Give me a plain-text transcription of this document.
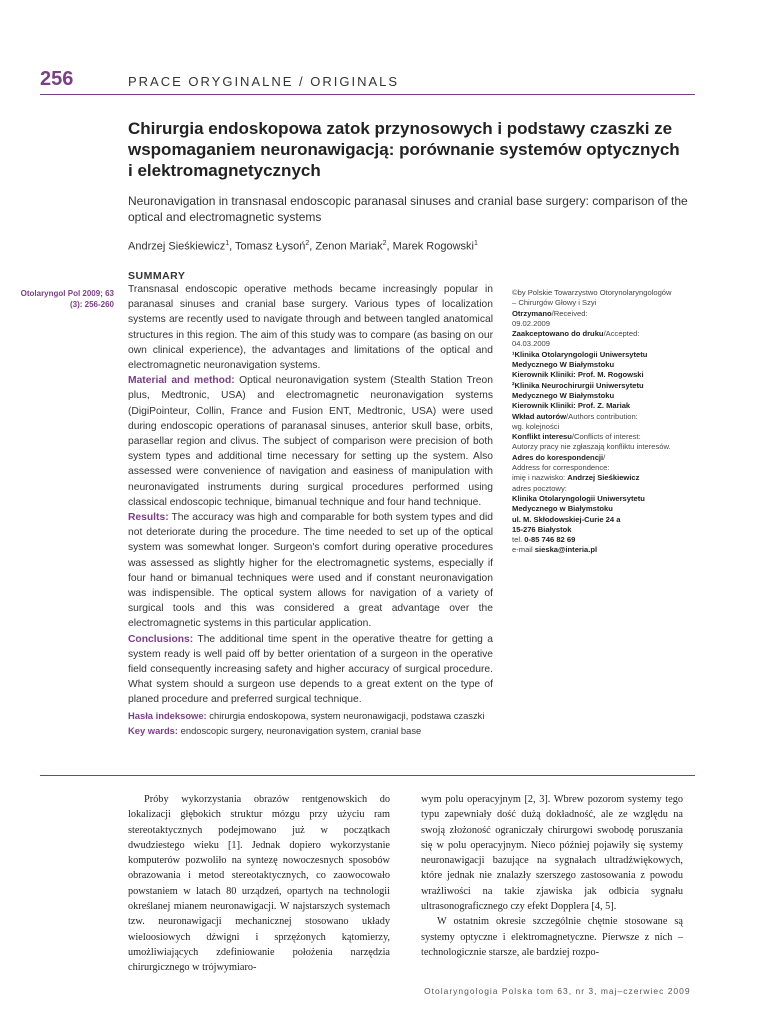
256	PRACE ORYGINALNE / ORIGINALS
Chirurgia endoskopowa zatok przynosowych i podstawy czaszki ze wspomaganiem neuronawigacją: porównanie systemów optycznych i elektromagnetycznych
Neuronavigation in transnasal endoscopic paranasal sinuses and cranial base surgery: comparison of the optical and electromagnetic systems
Andrzej Sieśkiewicz$^1$, Tomasz Łysoń$^2$, Zenon Mariak$^2$, Marek Rogowski$^1$
SUMMARY
Otolaryngol Pol 2009; 63 (3): 256-260

Transnasal endoscopic operative methods became increasingly popular in paranasal sinuses and cranial base surgery. Various types of localization systems are recently used to navigate through and between tangled anatomical structures in this region. The aim of this study was to compare (as basing on our own clinical experience), the advantages and limitations of the optical and electromagnetic neuronavigation systems.

Material and method: Optical neuronavigation system (Stealth Station Treon plus, Medtronic, USA) and electromagnetic neuronavigation systems (DigiPointeur, Collin, France and Fusion ENT, Medtronic, USA) were used during endoscopic operations of paranasal sinuses, anterior skull base, orbits, parasellar region and clivus. The subject of comparison were precision of both system types and additional time necessary for setting up the system. Also assessed were convenience of navigation and easiness of manipulation with neuronavigated instruments during surgical procedures performed using classical endoscopic technique, bimanual technique and four hand technique.

Results: The accuracy was high and comparable for both system types and did not deteriorate during the procedure. The time needed to set up of the optical system was somewhat longer. Surgeon's comfort during operative procedures was assessed as slightly higher for the electromagnetic systems, especially if four hand or bimanual techniques were used and if constant neuronavigation was indispensible. The optical system allows for navigation of a variety of surgical tools and this was considered a great advantage over the electromagnetic systems in this particular application.

Conclusions: The additional time spent in the operative theatre for getting a system ready is well paid off by better orientation of a surgeon in the operative field consequently increasing safety and higher accuracy of surgical procedure. What system should a surgeon use depends to a great extent on the type of planed procedure and preferred surgical technique.

Hasła indeksowe: chirurgia endoskopowa, system neuronawigacji, podstawa czaszki

Key wards: endoscopic surgery, neuronavigation system, cranial base

©by Polskie Towarzystwo Otorynolaryngologów
– Chirurgów Głowy i Szyi
Otrzymano/Received:
09.02.2009
Zaakceptowano do druku/Accepted:
04.03.2009
¹Klinika Otolaryngologii Uniwersytetu
Medycznego W Białymstoku
Kierownik Kliniki: Prof. M. Rogowski
²Klinika Neurochirurgii Uniwersytetu
Medycznego W Białymstoku
Kierownik Kliniki: Prof. Z. Mariak
Wkład autorów/Authors contribution:
wg. kolejności
Konflikt interesu/Conflicts of interest:
Autorzy pracy nie zgłaszają konfliktu interesów.
Adres do korespondencji/
Address for correspondence:
imię i nazwisko: Andrzej Sieśkiewicz
adres pocztowy:
Klinika Otolaryngologii Uniwersytetu
Medycznego w Białymstoku
ul. M. Skłodowskiej-Curie 24 a
15-276 Białystok
tel. 0-85 746 82 69
e-mail sieska@interia.pl

Próby wykorzystania obrazów rentgenowskich do lokalizacji głębokich struktur mózgu przy użyciu ram stereotaktycznych podejmowano już w początkach dwudziestego wieku [1]. Jednak dopiero wykorzystanie komputerów pozwoliło na syntezę nowoczesnych sposobów obrazowania i metod stereotaktycznych, co zaowocowało powstaniem w latach 80 urządzeń, opartych na technologii określanej mianem neuronawigacji. W najstarszych systemach tzw. neuronawigacji mechanicznej stosowano układy wieloosiowych dźwigni i sprzężonych kątomierzy, umożliwiających zdefiniowanie położenia narzędzia chirurgicznego w trójwymiaro-

wym polu operacyjnym [2, 3]. Wbrew pozorom systemy tego typu zapewniały dość dużą dokładność, ale ze względu na swoją złożoność ograniczały chirurgowi swobodę poruszania się w polu operacyjnym. Nieco później pojawiły się systemy neuronawigacji bazujące na sygnałach ultradźwiękowych, które jednak nie znalazły szerszego zastosowania z powodu wrażliwości na takie zjawiska jak odbicia sygnału ultrasonograficznego czy efekt Dopplera [4, 5].

W ostatnim okresie szczególnie chętnie stosowane są systemy optyczne i elektromagnetyczne. Pierwsze z nich – technologicznie starsze, ale bardziej rozpo-

Otolaryngologia Polska tom 63, nr 3, maj–czerwiec 2009
